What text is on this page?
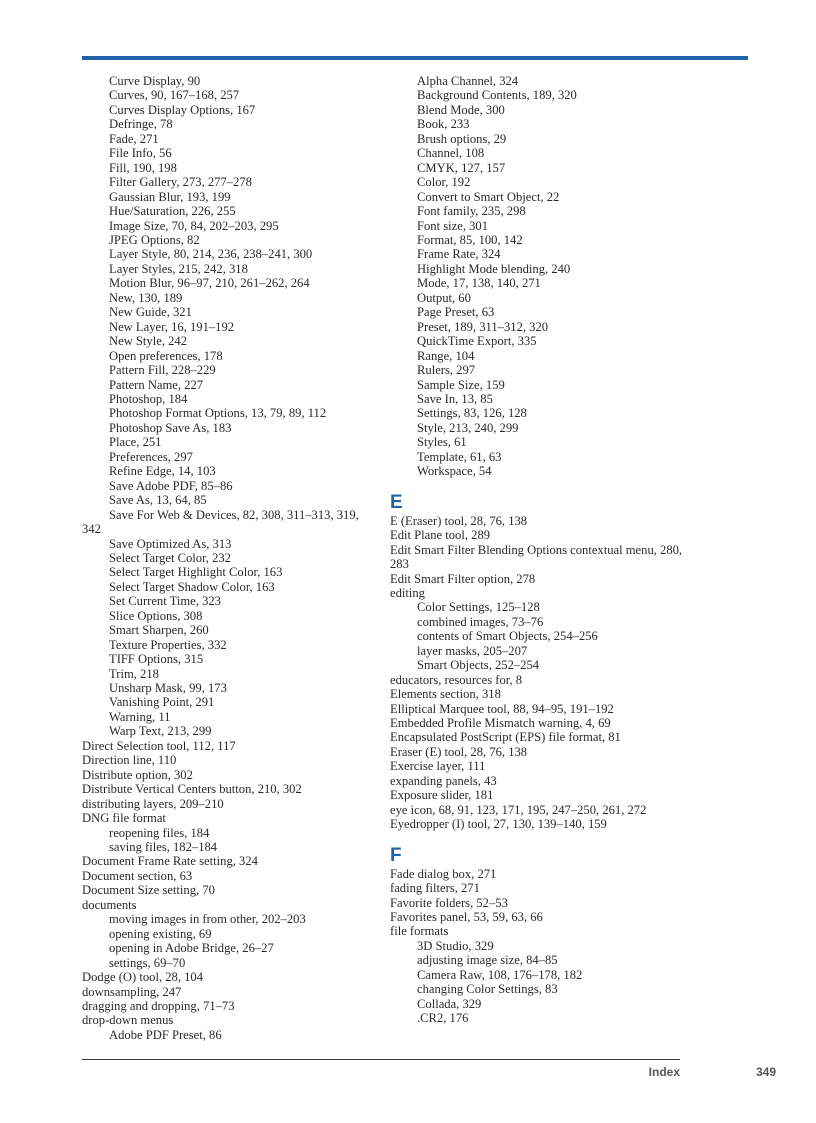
Curve Display, 90
Curves, 90, 167–168, 257
Curves Display Options, 167
Defringe, 78
Fade, 271
File Info, 56
Fill, 190, 198
Filter Gallery, 273, 277–278
Gaussian Blur, 193, 199
Hue/Saturation, 226, 255
Image Size, 70, 84, 202–203, 295
JPEG Options, 82
Layer Style, 80, 214, 236, 238–241, 300
Layer Styles, 215, 242, 318
Motion Blur, 96–97, 210, 261–262, 264
New, 130, 189
New Guide, 321
New Layer, 16, 191–192
New Style, 242
Open preferences, 178
Pattern Fill, 228–229
Pattern Name, 227
Photoshop, 184
Photoshop Format Options, 13, 79, 89, 112
Photoshop Save As, 183
Place, 251
Preferences, 297
Refine Edge, 14, 103
Save Adobe PDF, 85–86
Save As, 13, 64, 85
Save For Web & Devices, 82, 308, 311–313, 319, 342
Save Optimized As, 313
Select Target Color, 232
Select Target Highlight Color, 163
Select Target Shadow Color, 163
Set Current Time, 323
Slice Options, 308
Smart Sharpen, 260
Texture Properties, 332
TIFF Options, 315
Trim, 218
Unsharp Mask, 99, 173
Vanishing Point, 291
Warning, 11
Warp Text, 213, 299
Direct Selection tool, 112, 117
Direction line, 110
Distribute option, 302
Distribute Vertical Centers button, 210, 302
distributing layers, 209–210
DNG file format
reopening files, 184
saving files, 182–184
Document Frame Rate setting, 324
Document section, 63
Document Size setting, 70
documents
moving images in from other, 202–203
opening existing, 69
opening in Adobe Bridge, 26–27
settings, 69–70
Dodge (O) tool, 28, 104
downsampling, 247
dragging and dropping, 71–73
drop-down menus
Adobe PDF Preset, 86
Alpha Channel, 324
Background Contents, 189, 320
Blend Mode, 300
Book, 233
Brush options, 29
Channel, 108
CMYK, 127, 157
Color, 192
Convert to Smart Object, 22
Font family, 235, 298
Font size, 301
Format, 85, 100, 142
Frame Rate, 324
Highlight Mode blending, 240
Mode, 17, 138, 140, 271
Output, 60
Page Preset, 63
Preset, 189, 311–312, 320
QuickTime Export, 335
Range, 104
Rulers, 297
Sample Size, 159
Save In, 13, 85
Settings, 83, 126, 128
Style, 213, 240, 299
Styles, 61
Template, 61, 63
Workspace, 54
E
E (Eraser) tool, 28, 76, 138
Edit Plane tool, 289
Edit Smart Filter Blending Options contextual menu, 280, 283
Edit Smart Filter option, 278
editing
Color Settings, 125–128
combined images, 73–76
contents of Smart Objects, 254–256
layer masks, 205–207
Smart Objects, 252–254
educators, resources for, 8
Elements section, 318
Elliptical Marquee tool, 88, 94–95, 191–192
Embedded Profile Mismatch warning, 4, 69
Encapsulated PostScript (EPS) file format, 81
Eraser (E) tool, 28, 76, 138
Exercise layer, 111
expanding panels, 43
Exposure slider, 181
eye icon, 68, 91, 123, 171, 195, 247–250, 261, 272
Eyedropper (I) tool, 27, 130, 139–140, 159
F
Fade dialog box, 271
fading filters, 271
Favorite folders, 52–53
Favorites panel, 53, 59, 63, 66
file formats
3D Studio, 329
adjusting image size, 84–85
Camera Raw, 108, 176–178, 182
changing Color Settings, 83
Collada, 329
.CR2, 176
Index	349
